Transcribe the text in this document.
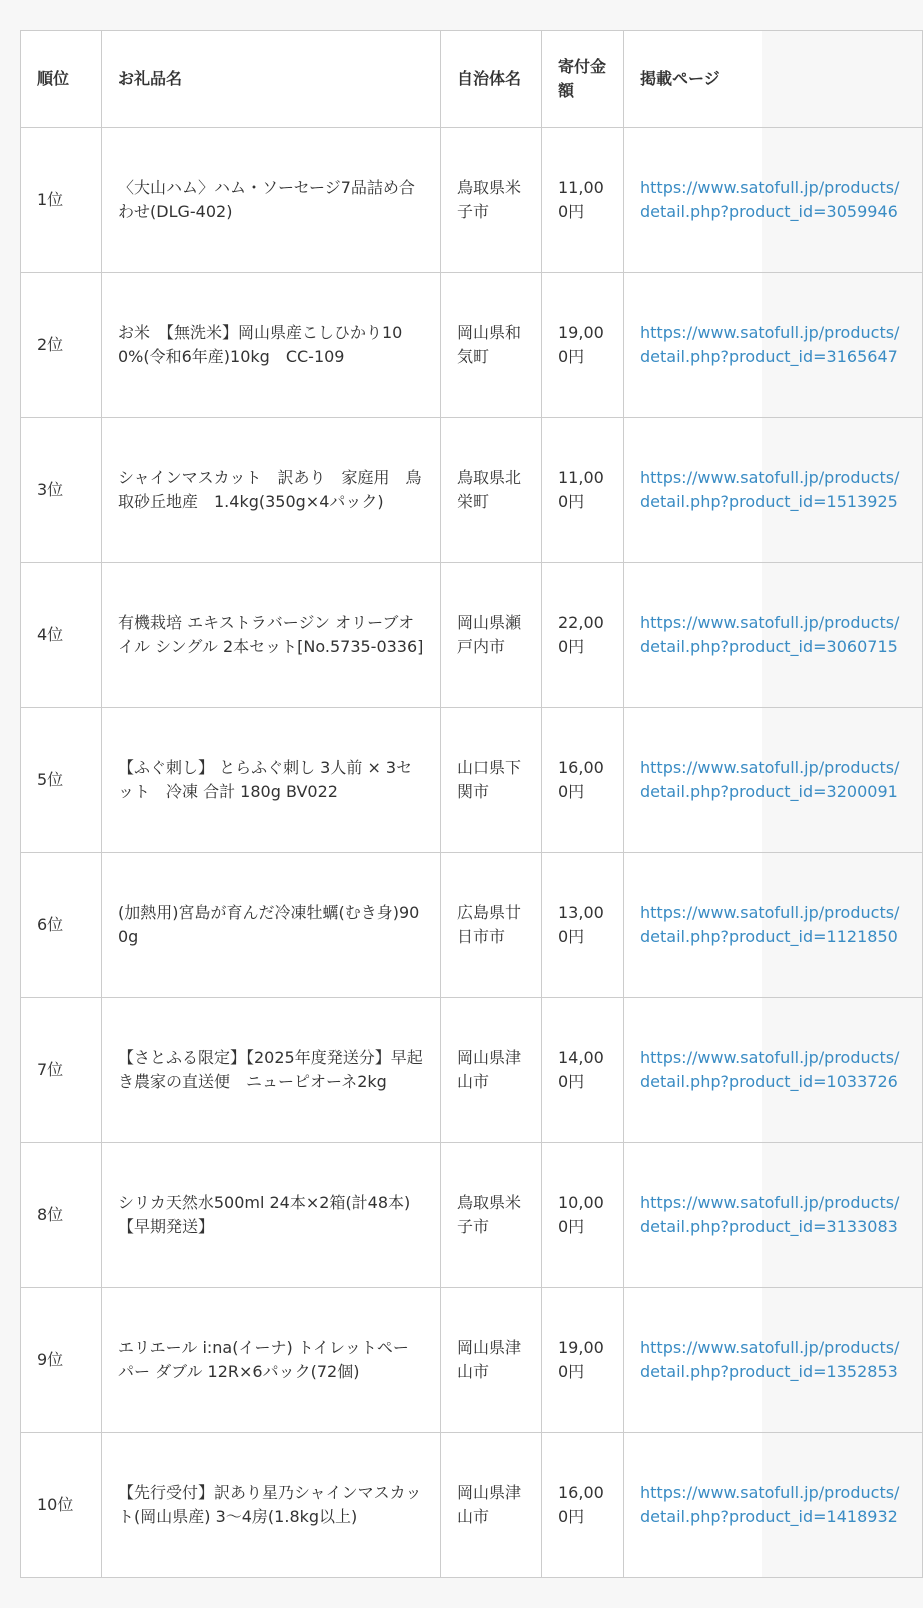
順位	お礼品名	自治体名	寄付金額	掲載ページ
1位	〈大山ハム〉ハム・ソーセージ7品詰め合わせ(DLG-402)	鳥取県米子市	11,000円	https://www.satofull.jp/products/detail.php?product_id=3059946
2位	お米　【無洗米】岡山県産こしひかり100%(令和6年産)10kg　CC-109	岡山県和気町	19,000円	https://www.satofull.jp/products/detail.php?product_id=3165647
3位	シャインマスカット　訳あり　家庭用　鳥取砂丘地産　1.4kg(350g×4パック)	鳥取県北栄町	11,000円	https://www.satofull.jp/products/detail.php?product_id=1513925
4位	有機栽培 エキストラバージン オリーブオイル シングル 2本セット[No.5735-0336]	岡山県瀬戸内市	22,000円	https://www.satofull.jp/products/detail.php?product_id=3060715
5位	【ふぐ刺し】 とらふぐ刺し 3人前 × 3セット　冷凍 合計 180g BV022	山口県下関市	16,000円	https://www.satofull.jp/products/detail.php?product_id=3200091
6位	(加熱用)宮島が育んだ冷凍牡蠣(むき身)900g	広島県廿日市市	13,000円	https://www.satofull.jp/products/detail.php?product_id=1121850
7位	【さとふる限定】【2025年度発送分】早起き農家の直送便　ニューピオーネ2kg	岡山県津山市	14,000円	https://www.satofull.jp/products/detail.php?product_id=1033726
8位	シリカ天然水500ml 24本×2箱(計48本)【早期発送】	鳥取県米子市	10,000円	https://www.satofull.jp/products/detail.php?product_id=3133083
9位	エリエール i:na(イーナ) トイレットペーパー ダブル 12R×6パック(72個)	岡山県津山市	19,000円	https://www.satofull.jp/products/detail.php?product_id=1352853
10位	【先行受付】訳あり星乃シャインマスカット(岡山県産) 3〜4房(1.8kg以上)	岡山県津山市	16,000円	https://www.satofull.jp/products/detail.php?product_id=1418932
